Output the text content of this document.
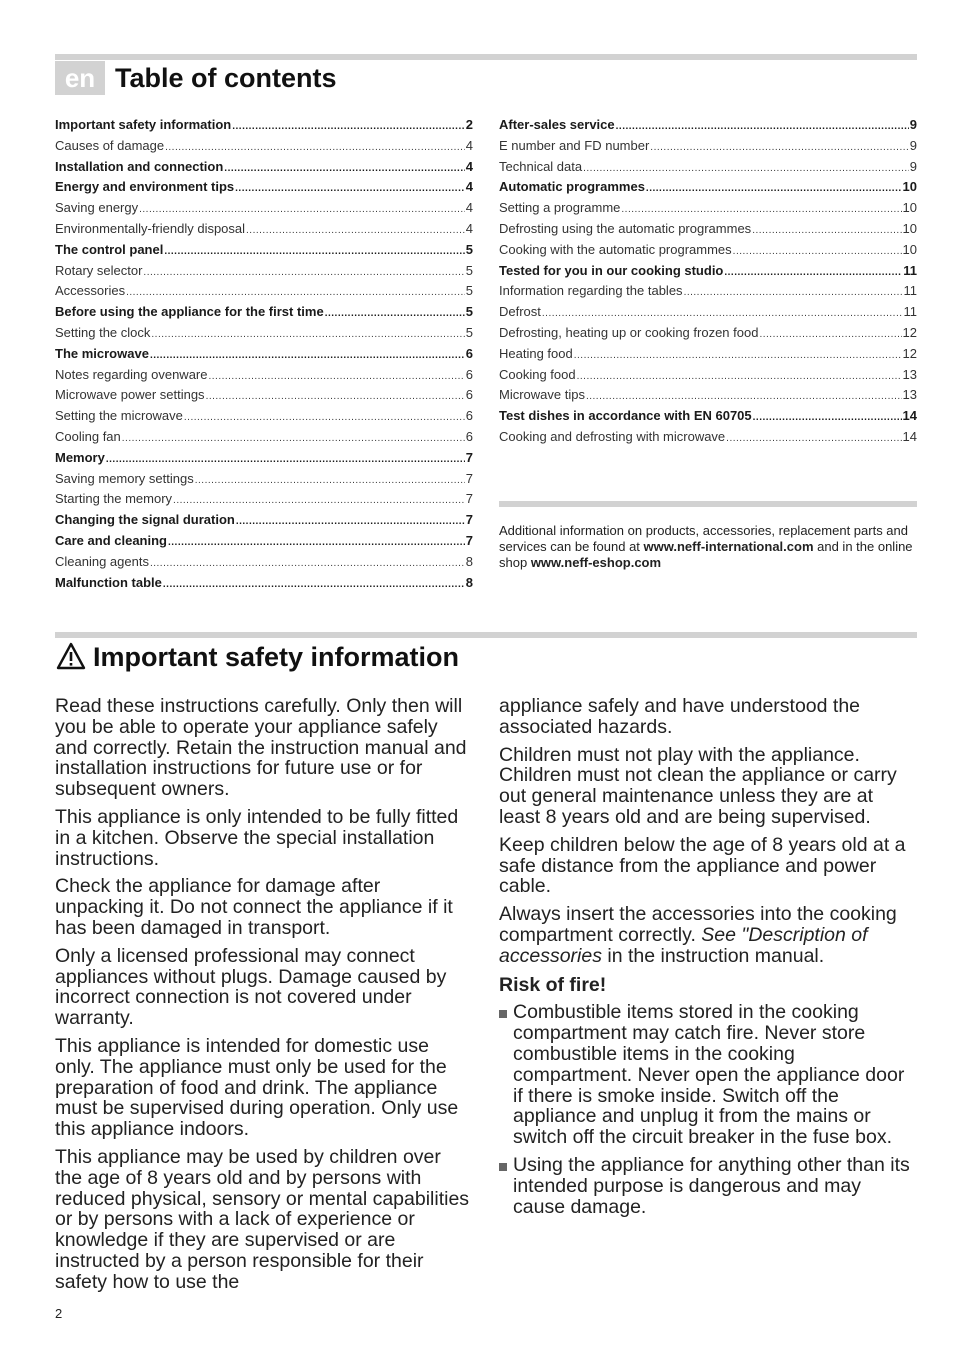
en Table of contents
Important safety information .....	2
Causes of damage .....	4
Installation and connection .....	4
Energy and environment tips .....	4
Saving energy .....	4
Environmentally-friendly disposal .....	4
The control panel .....	5
Rotary selector .....	5
Accessories .....	5
Before using the appliance for the first time .....	5
Setting the clock .....	5
The microwave .....	6
Notes regarding ovenware .....	6
Microwave power settings .....	6
Setting the microwave .....	6
Cooling fan .....	6
Memory .....	7
Saving memory settings .....	7
Starting the memory .....	7
Changing the signal duration .....	7
Care and cleaning .....	7
Cleaning agents .....	8
Malfunction table .....	8
After-sales service .....	9
E number and FD number .....	9
Technical data .....	9
Automatic programmes .....	10
Setting a programme .....	10
Defrosting using the automatic programmes .....	10
Cooking with the automatic programmes .....	10
Tested for you in our cooking studio .....	11
Information regarding the tables .....	11
Defrost .....	11
Defrosting, heating up or cooking frozen food .....	12
Heating food .....	12
Cooking food .....	13
Microwave tips .....	13
Test dishes in accordance with EN 60705 .....	14
Cooking and defrosting with microwave .....	14
Additional information on products, accessories, replacement parts and services can be found at www.neff-international.com and in the online shop www.neff-eshop.com
Important safety information

Read these instructions carefully. Only then will you be able to operate your appliance safely and correctly. Retain the instruction manual and installation instructions for future use or for subsequent owners.

This appliance is only intended to be fully fitted in a kitchen. Observe the special installation instructions.

Check the appliance for damage after unpacking it. Do not connect the appliance if it has been damaged in transport.

Only a licensed professional may connect appliances without plugs. Damage caused by incorrect connection is not covered under warranty.

This appliance is intended for domestic use only. The appliance must only be used for the preparation of food and drink. The appliance must be supervised during operation. Only use this appliance indoors.

This appliance may be used by children over the age of 8 years old and by persons with reduced physical, sensory or mental capabilities or by persons with a lack of experience or knowledge if they are supervised or are instructed by a person responsible for their safety how to use the

appliance safely and have understood the associated hazards.

Children must not play with the appliance. Children must not clean the appliance or carry out general maintenance unless they are at least 8 years old and are being supervised.

Keep children below the age of 8 years old at a safe distance from the appliance and power cable.

Always insert the accessories into the cooking compartment correctly. See "Description of accessories in the instruction manual.

Risk of fire!
Combustible items stored in the cooking compartment may catch fire. Never store combustible items in the cooking compartment. Never open the appliance door if there is smoke inside. Switch off the appliance and unplug it from the mains or switch off the circuit breaker in the fuse box.
Using the appliance for anything other than its intended purpose is dangerous and may cause damage.
2
